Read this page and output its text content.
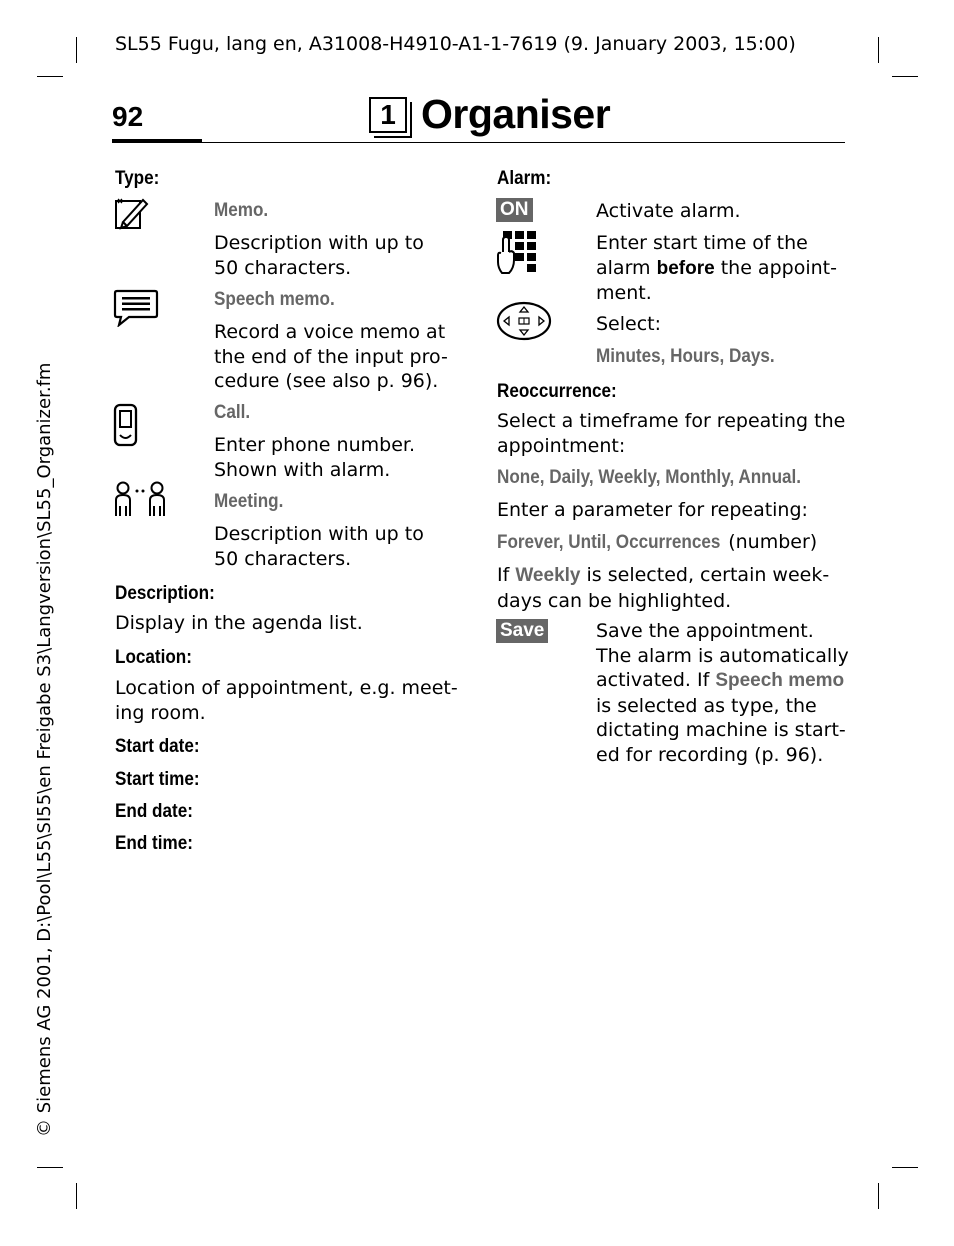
SL55 Fugu, lang en, A31008-H4910-A1-1-7619 (9. January 2003, 15:00)
92	1 Organiser
© Siemens AG 2001, D:\Pool\L55\SI55\en Freigabe S3\Langversion\SL55_Organizer.fm
Type:
Memo.
Description with up to
50 characters.
Speech memo.
Record a voice memo at
the end of the input pro-
cedure (see also p. 96).
Call.
Enter phone number.
Shown with alarm.
Meeting.
Description with up to
50 characters.
Description:
Display in the agenda list.
Location:
Location of appointment, e.g. meet-
ing room.
Start date:
Start time:
End date:
End time:
Alarm:
ON	Activate alarm.
Enter start time of the
alarm before the appoint-
ment.
Select:
Minutes, Hours, Days.
Reoccurrence:
Select a timeframe for repeating the
appointment:
None, Daily, Weekly, Monthly, Annual.
Enter a parameter for repeating:
Forever, Until, Occurrences (number)
If Weekly is selected, certain week-
days can be highlighted.
Save	Save the appointment.
The alarm is automatically
activated. If Speech memo
is selected as type, the
dictating machine is start-
ed for recording (p. 96).
